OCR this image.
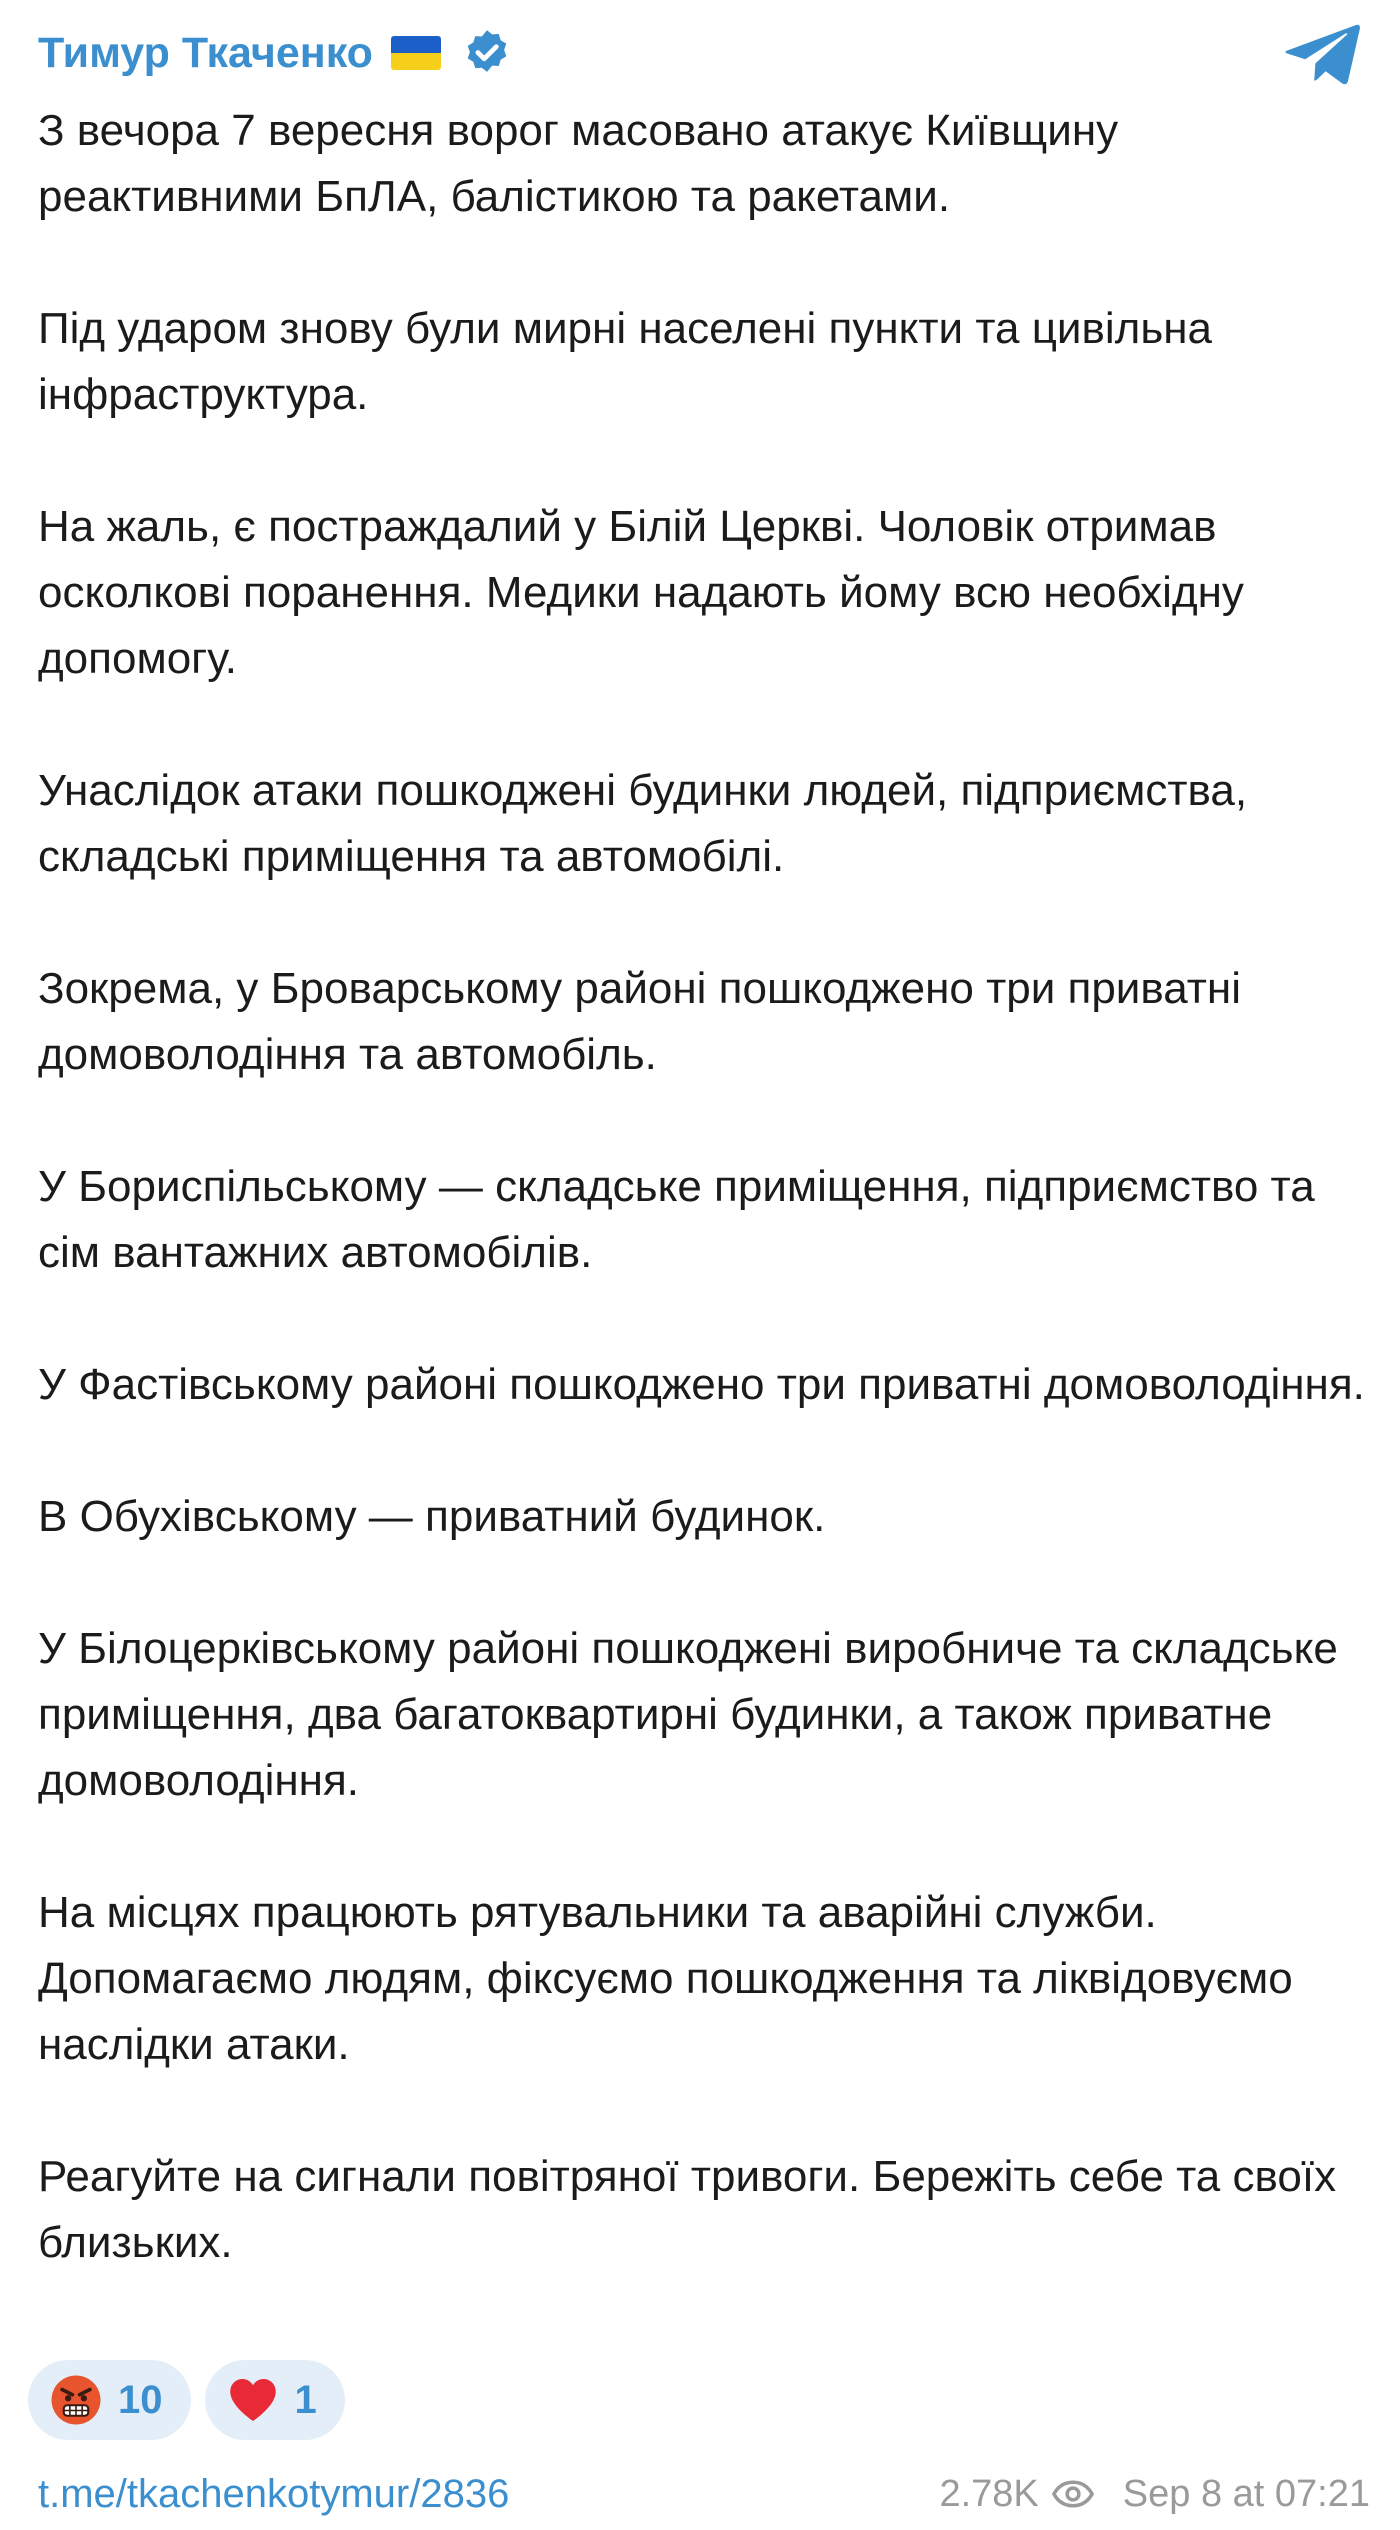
Тимур Ткаченко

З вечора 7 вересня ворог масовано атакує Київщину реактивними БпЛА, балістикою та ракетами.

Під ударом знову були мирні населені пункти та цивільна інфраструктура.

На жаль, є постраждалий у Білій Церкві. Чоловік отримав осколкові поранення. Медики надають йому всю необхідну допомогу.

Унаслідок атаки пошкоджені будинки людей, підприємства, складські приміщення та автомобілі.

Зокрема, у Броварському районі пошкоджено три приватні домоволодіння та автомобіль.

У Бориспільському — складське приміщення, підприємство та сім вантажних автомобілів.

У Фастівському районі пошкоджено три приватні домоволодіння.

В Обухівському — приватний будинок.

У Білоцерківському районі пошкоджені виробниче та складське приміщення, два багатоквартирні будинки, а також приватне домоволодіння.

На місцях працюють рятувальники та аварійні служби. Допомагаємо людям, фіксуємо пошкодження та ліквідовуємо наслідки атаки.

Реагуйте на сигнали повітряної тривоги. Бережіть себе та своїх близьких.

10	1
t.me/tkachenkotymur/2836	2.78K Sep 8 at 07:21
